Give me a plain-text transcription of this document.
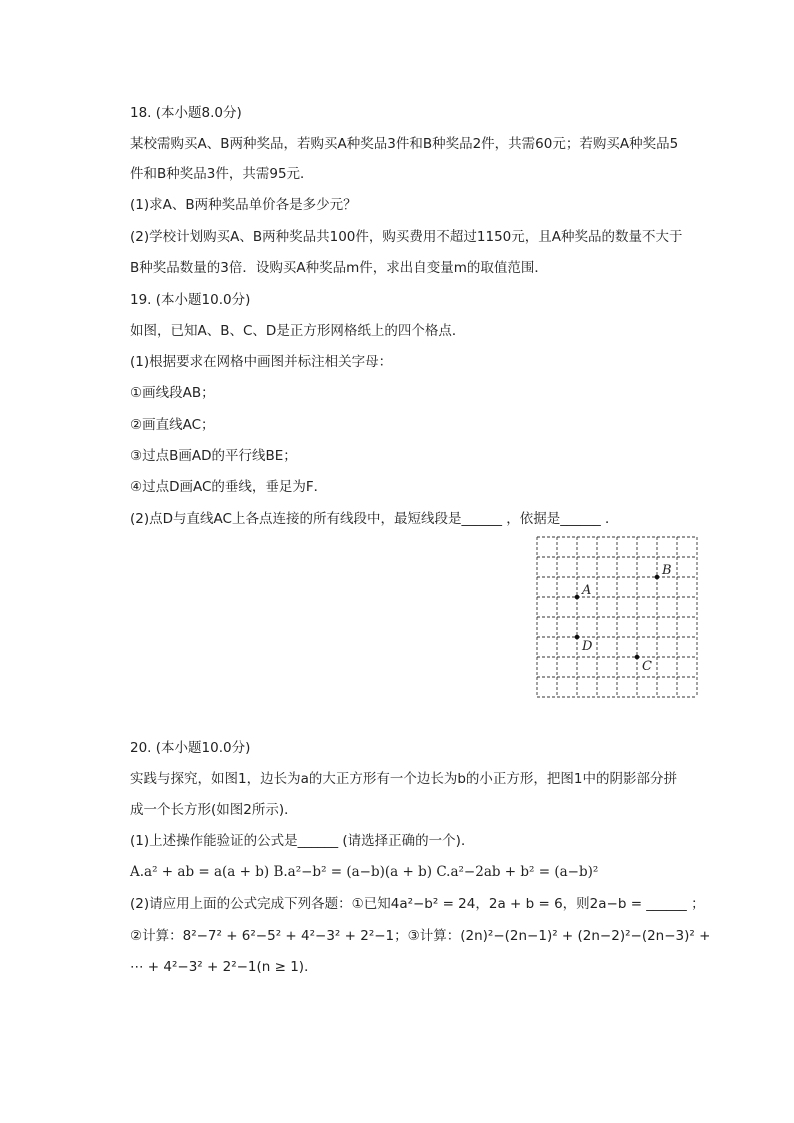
18. (本小题8.0分)
某校需购买A、B两种奖品，若购买A种奖品3件和B种奖品2件，共需60元；若购买A种奖品5
件和B种奖品3件，共需95元．
(1)求A、B两种奖品单价各是多少元？
(2)学校计划购买A、B两种奖品共100件，购买费用不超过1150元，且A种奖品的数量不大于
B种奖品数量的3倍．设购买A种奖品m件，求出自变量m的取值范围．
19. (本小题10.0分)
如图，已知A、B、C、D是正方形网格纸上的四个格点．
(1)根据要求在网格中画图并标注相关字母：
①画线段AB；
②画直线AC；
③过点B画AD的平行线BE；
④过点D画AC的垂线，垂足为F．
(2)点D与直线AC上各点连接的所有线段中，最短线段是______ ，依据是______ ．
A
B
C
D
20. (本小题10.0分)
实践与探究，如图1，边长为a的大正方形有一个边长为b的小正方形，把图1中的阴影部分拼
成一个长方形(如图2所示)．
(1)上述操作能验证的公式是______ (请选择正确的一个)．
A.a² + ab = a(a + b) B.a²−b² = (a−b)(a + b) C.a²−2ab + b² = (a−b)²
(2)请应用上面的公式完成下列各题：①已知4a²−b² = 24，2a + b = 6，则2a−b = ______ ；
②计算：8²−7² + 6²−5² + 4²−3² + 2²−1；③计算：(2n)²−(2n−1)² + (2n−2)²−(2n−3)² +
⋯ + 4²−3² + 2²−1(n ≥ 1)．
